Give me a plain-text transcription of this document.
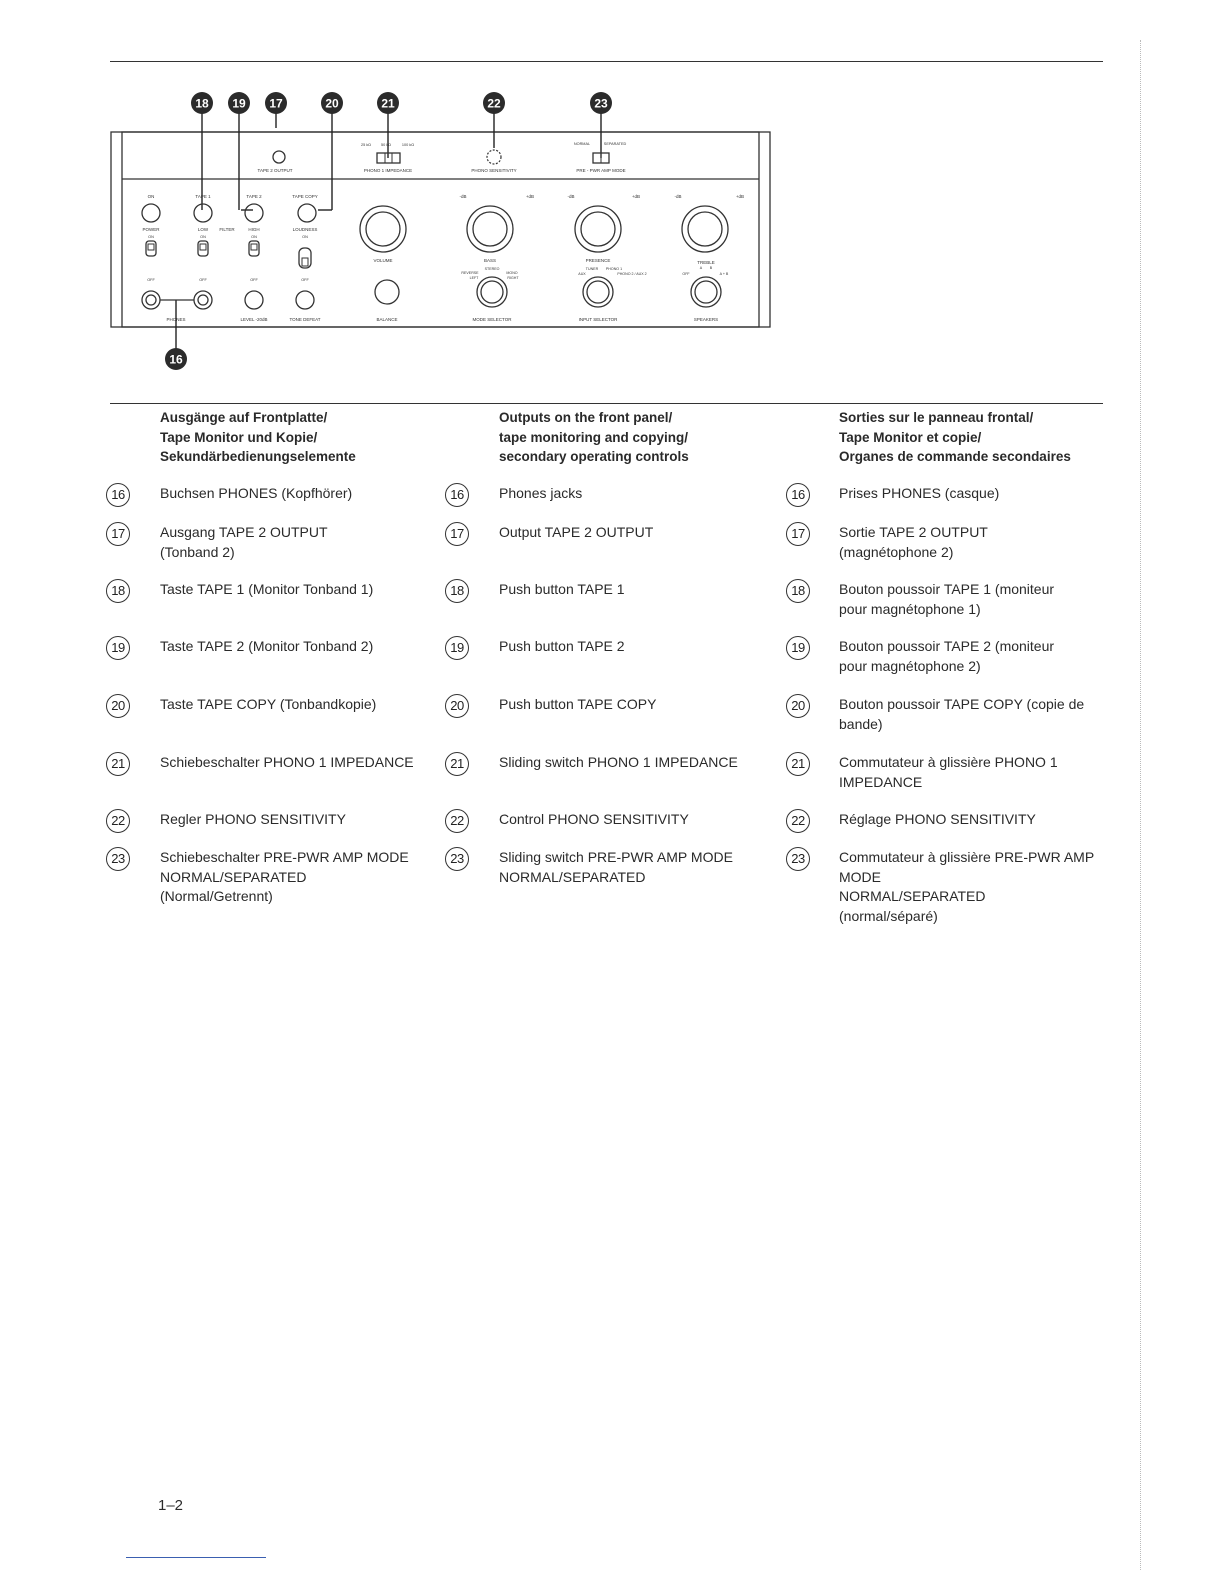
18 19 17	20	21	22	23
16
TAPE 2 OUTPUT
25 kΩ	50 kΩ	100 kΩ
PHONO 1 IMPEDANCE	PHONO SENSITIVITY
NORMAL	SEPARATED
PRE - PWR AMP MODE
ON	TAPE 1	TAPE 2	TAPE COPY
POWER	LOW	FILTER	HIGH	LOUDNESS
ON
OFF
ON
OFF
ON
OFF
ON
OFF
VOLUME	BASS	PRESENCE	TREBLE
-dB	-dB	-dB
+dB	+dB	+dB
PHONES	LEVEL -20dB	TONE DEFEAT	BALANCE	MODE SELECTOR
STEREO
REVERSE	MONO
LEFT	RIGHT
INPUT SELECTOR
TUNER PHONO 1
AUX	PHONO 2 / AUX 2
SPEAKERS
A B
OFF	A + B
Ausgänge auf Frontplatte/
Tape Monitor und Kopie/
Sekundärbedienungselemente
16	Buchsen PHONES (Kopfhörer)
17	Ausgang TAPE 2 OUTPUT
(Tonband 2)
18	Taste TAPE 1 (Monitor Tonband 1)
19	Taste TAPE 2 (Monitor Tonband 2)
20	Taste TAPE COPY (Tonbandkopie)
21	Schiebeschalter PHONO 1 IMPEDANCE
22	Regler PHONO SENSITIVITY
23	Schiebeschalter PRE-PWR AMP MODE
NORMAL/SEPARATED
(Normal/Getrennt)
Outputs on the front panel/
tape monitoring and copying/
secondary operating controls
16	Phones jacks
17	Output TAPE 2 OUTPUT
18	Push button TAPE 1
19	Push button TAPE 2
20	Push button TAPE COPY
21	Sliding switch PHONO 1 IMPEDANCE
22	Control PHONO SENSITIVITY
23	Sliding switch PRE-PWR AMP MODE
NORMAL/SEPARATED
Sorties sur le panneau frontal/
Tape Monitor et copie/
Organes de commande secondaires
16	Prises PHONES (casque)
17	Sortie TAPE 2 OUTPUT
(magnétophone 2)
18	Bouton poussoir TAPE 1 (moniteur
pour magnétophone 1)
19	Bouton poussoir TAPE 2 (moniteur
pour magnétophone 2)
20	Bouton poussoir TAPE COPY (copie de
bande)
21	Commutateur à glissière PHONO 1
IMPEDANCE
22	Réglage PHONO SENSITIVITY
23	Commutateur à glissière PRE-PWR AMP
MODE
NORMAL/SEPARATED
(normal/séparé)
1–2
